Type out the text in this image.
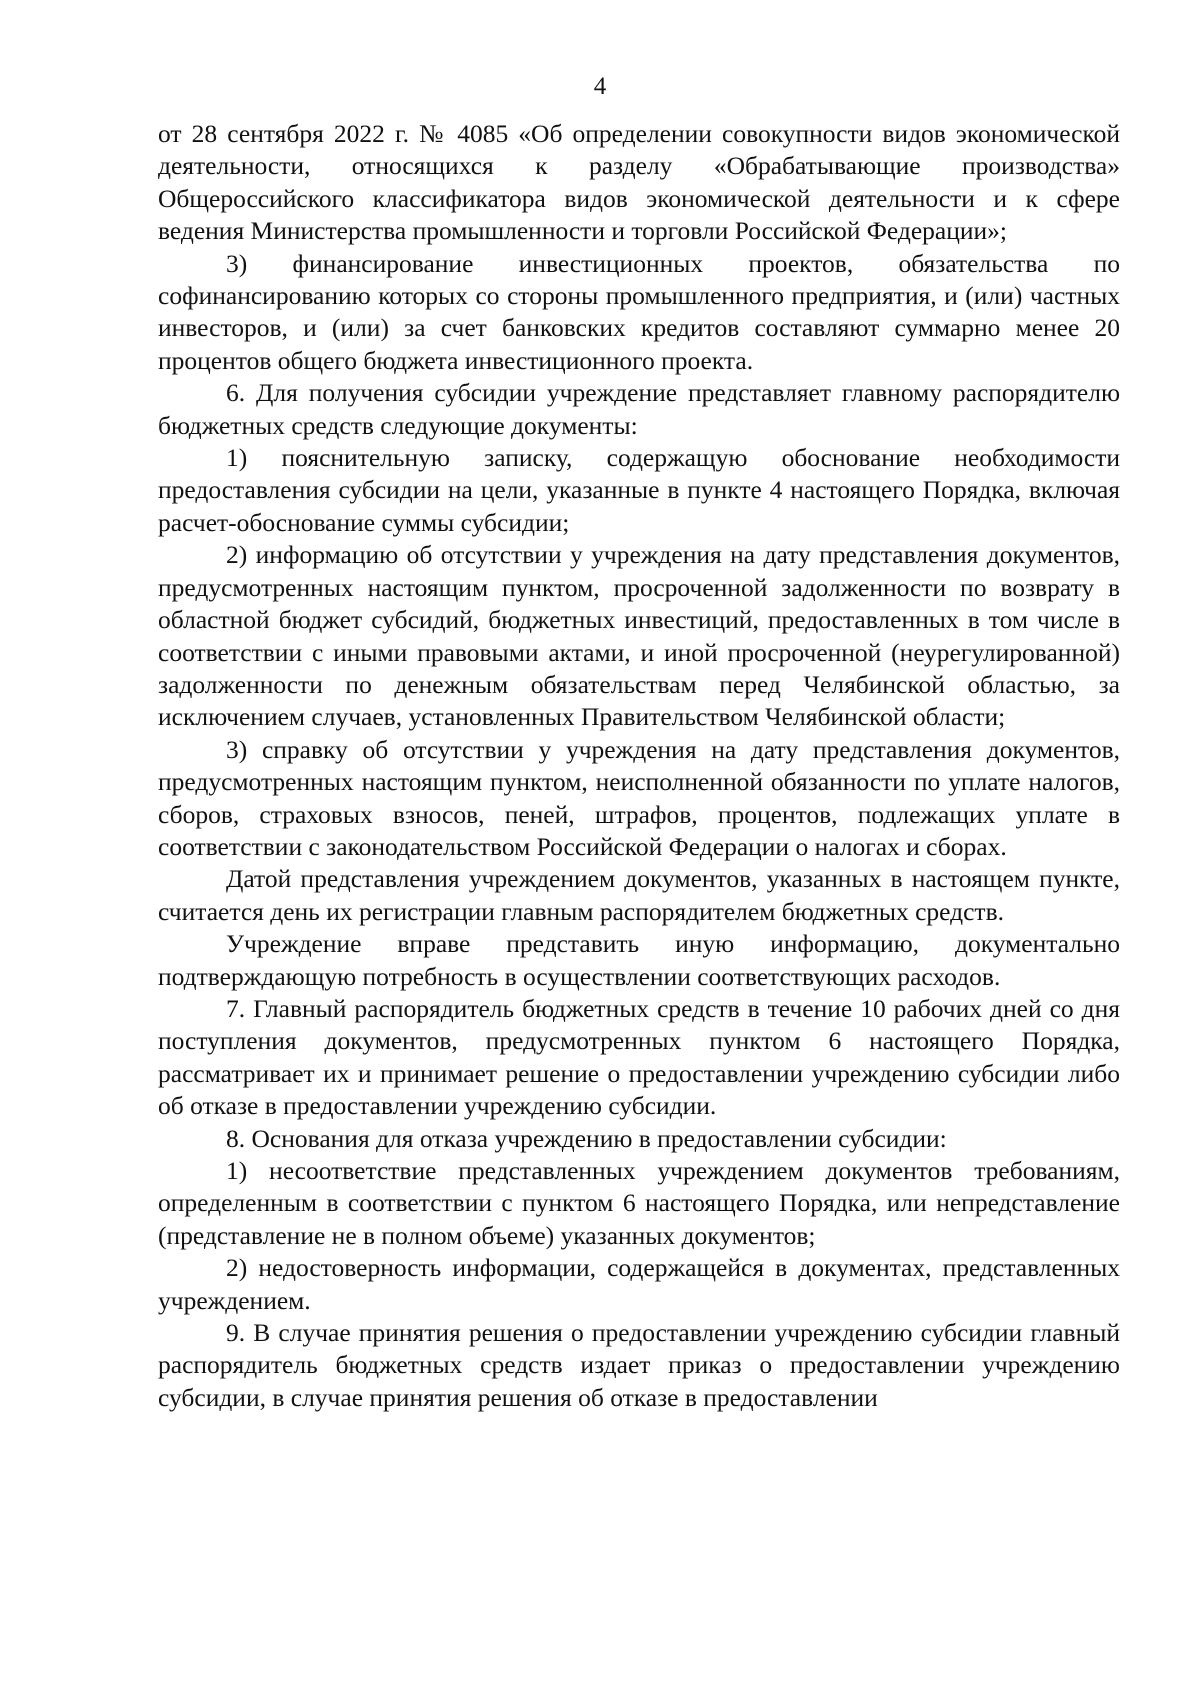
4

от 28 сентября 2022 г. № 4085 «Об определении совокупности видов экономической деятельности, относящихся к разделу «Обрабатывающие производства» Общероссийского классификатора видов экономической деятельности и к сфере ведения Министерства промышленности и торговли Российской Федерации»;

3) финансирование инвестиционных проектов, обязательства по софинансированию которых со стороны промышленного предприятия, и (или) частных инвесторов, и (или) за счет банковских кредитов составляют суммарно менее 20 процентов общего бюджета инвестиционного проекта.

6. Для получения субсидии учреждение представляет главному распорядителю бюджетных средств следующие документы:

1) пояснительную записку, содержащую обоснование необходимости предоставления субсидии на цели, указанные в пункте 4 настоящего Порядка, включая расчет-обоснование суммы субсидии;

2) информацию об отсутствии у учреждения на дату представления документов, предусмотренных настоящим пунктом, просроченной задолженности по возврату в областной бюджет субсидий, бюджетных инвестиций, предоставленных в том числе в соответствии с иными правовыми актами, и иной просроченной (неурегулированной) задолженности по денежным обязательствам перед Челябинской областью, за исключением случаев, установленных Правительством Челябинской области;

3) справку об отсутствии у учреждения на дату представления документов, предусмотренных настоящим пунктом, неисполненной обязанности по уплате налогов, сборов, страховых взносов, пеней, штрафов, процентов, подлежащих уплате в соответствии с законодательством Российской Федерации о налогах и сборах.

Датой представления учреждением документов, указанных в настоящем пункте, считается день их регистрации главным распорядителем бюджетных средств.

Учреждение вправе представить иную информацию, документально подтверждающую потребность в осуществлении соответствующих расходов.

7. Главный распорядитель бюджетных средств в течение 10 рабочих дней со дня поступления документов, предусмотренных пунктом 6 настоящего Порядка, рассматривает их и принимает решение о предоставлении учреждению субсидии либо об отказе в предоставлении учреждению субсидии.

8. Основания для отказа учреждению в предоставлении субсидии:

1) несоответствие представленных учреждением документов требованиям, определенным в соответствии с пунктом 6 настоящего Порядка, или непредставление (представление не в полном объеме) указанных документов;

2) недостоверность информации, содержащейся в документах, представленных учреждением.

9. В случае принятия решения о предоставлении учреждению субсидии главный распорядитель бюджетных средств издает приказ о предоставлении учреждению субсидии, в случае принятия решения об отказе в предоставлении
